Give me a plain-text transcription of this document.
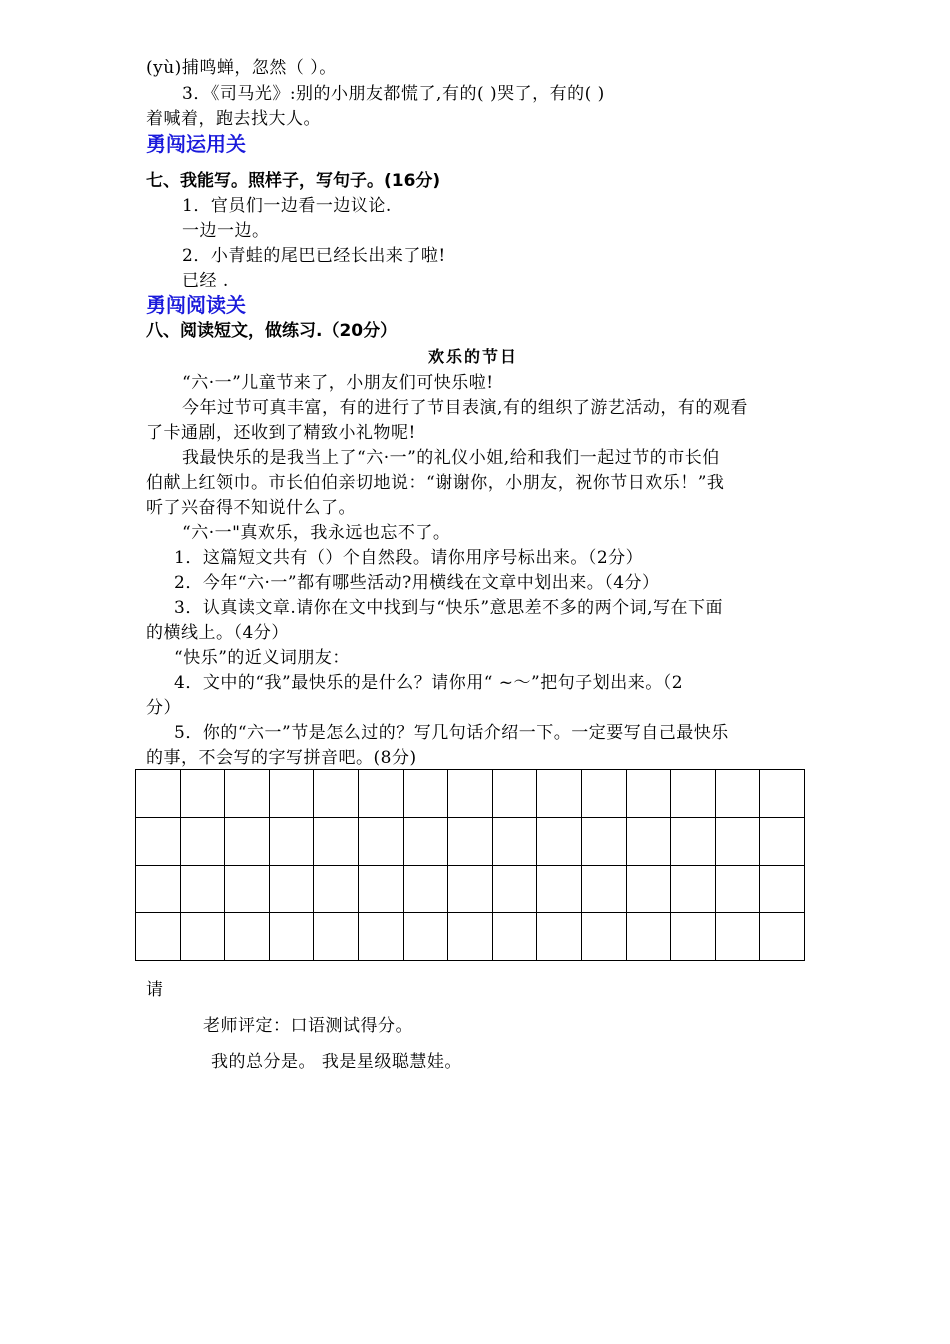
(yù)捕鸣蝉，忽然（ ）。
3．《司马光》:别的小朋友都慌了,有的( )哭了，有的( )
着喊着，跑去找大人。
勇闯运用关
七、我能写。照样子，写句子。(16分)
1．官员们一边看一边议论.
一边一边。
2．小青蛙的尾巴已经长出来了啦!
已经 .
勇闯阅读关
八、阅读短文，做练习.（20分）
欢乐的节日
“六·一”儿童节来了，小朋友们可快乐啦!
今年过节可真丰富，有的进行了节目表演,有的组织了游艺活动，有的观看
了卡通剧，还收到了精致小礼物呢!
我最快乐的是我当上了“六·一”的礼仪小姐,给和我们一起过节的市长伯
伯献上红领巾。市长伯伯亲切地说：“谢谢你，小朋友，祝你节日欢乐！”我
听了兴奋得不知说什么了。
“六·一"真欢乐，我永远也忘不了。
1．这篇短文共有（）个自然段。请你用序号标出来。（2分）
2．今年“六·一”都有哪些活动?用横线在文章中划出来。（4分）
3．认真读文章.请你在文中找到与“快乐”意思差不多的两个词,写在下面
的横线上。（4分）
“快乐”的近义词朋友：
4．文中的“我”最快乐的是什么？请你用“ ~～”把句子划出来。（2
分）
5．你的“六一”节是怎么过的？写几句话介绍一下。一定要写自己最快乐
的事，不会写的字写拼音吧。(8分)

请
老师评定：口语测试得分。
我的总分是。 我是星级聪慧娃。
